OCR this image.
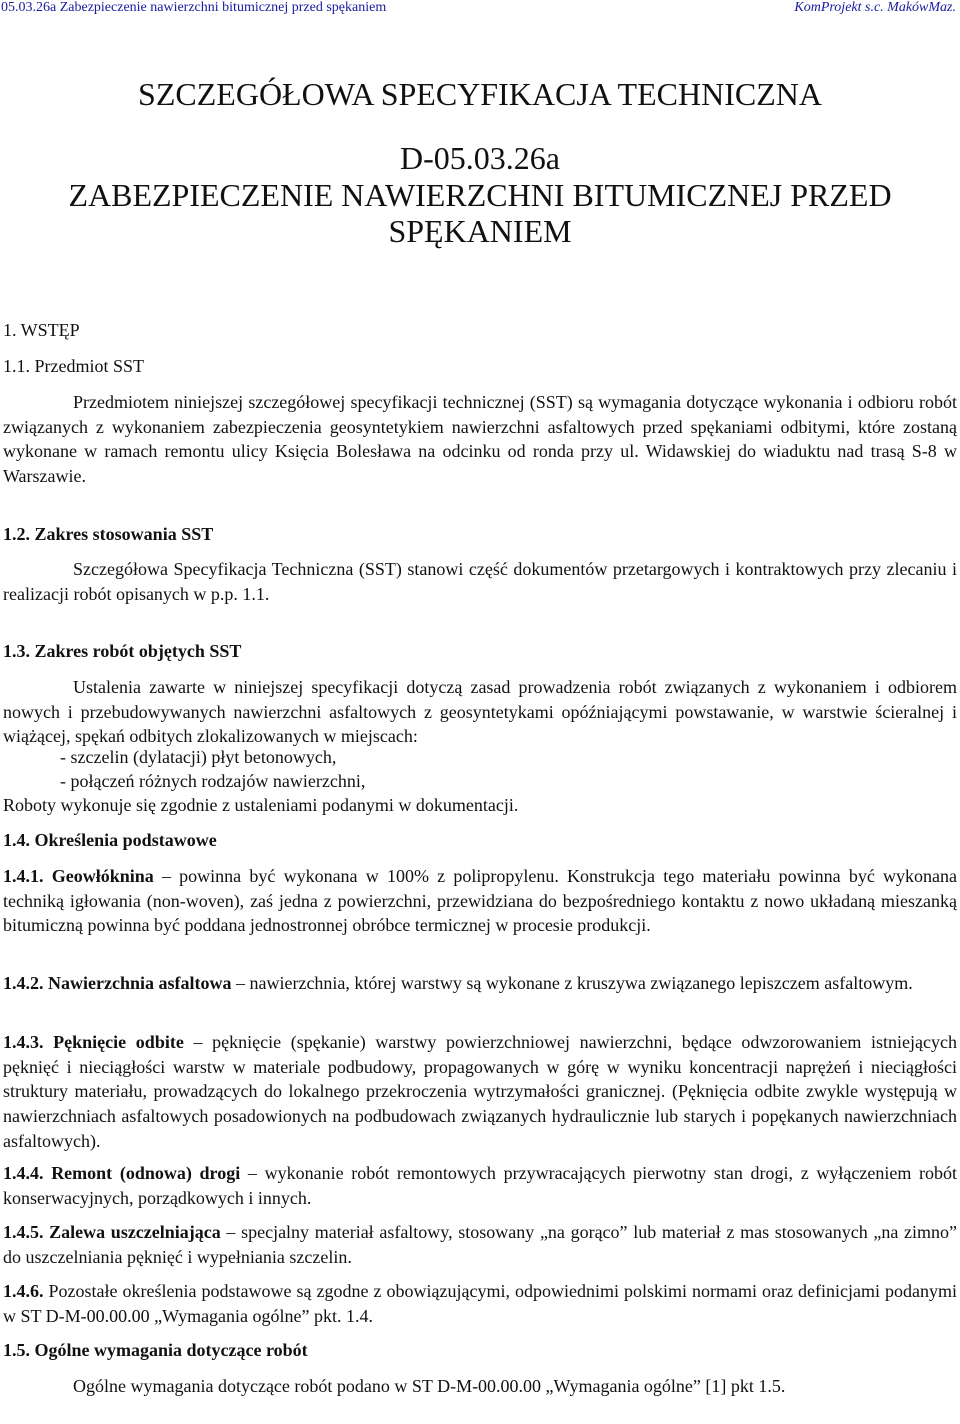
05.03.26a Zabezpieczenie nawierzchni bitumicznej przed spękaniem	KomProjekt s.c. MakówMaz.
SZCZEGÓŁOWA SPECYFIKACJA TECHNICZNA
D-05.03.26a
ZABEZPIECZENIE NAWIERZCHNI BITUMICZNEJ PRZED
SPĘKANIEM
1. WSTĘP
1.1. Przedmiot SST
Przedmiotem niniejszej szczegółowej specyfikacji technicznej (SST) są wymagania dotyczące wykonania i odbioru robót związanych z wykonaniem zabezpieczenia geosyntetykiem nawierzchni asfaltowych przed spękaniami odbitymi, które zostaną wykonane w ramach remontu ulicy Księcia Bolesława na odcinku od ronda przy ul. Widawskiej do wiaduktu nad trasą S-8 w Warszawie.
1.2. Zakres stosowania SST
Szczegółowa Specyfikacja Techniczna (SST) stanowi część dokumentów przetargowych i kontraktowych przy zlecaniu i realizacji robót opisanych w p.p. 1.1.
1.3. Zakres robót objętych SST
Ustalenia zawarte w niniejszej specyfikacji dotyczą zasad prowadzenia robót związanych z wykonaniem i odbiorem nowych i przebudowywanych nawierzchni asfaltowych z geosyntetykami opóźniającymi powstawanie, w warstwie ścieralnej i wiążącej, spękań odbitych zlokalizowanych w miejscach:
- szczelin (dylatacji) płyt betonowych,
- połączeń różnych rodzajów nawierzchni,
Roboty wykonuje się zgodnie z ustaleniami podanymi w dokumentacji.
1.4. Określenia podstawowe
1.4.1. Geowłóknina – powinna być wykonana w 100% z polipropylenu. Konstrukcja tego materiału powinna być wykonana techniką igłowania (non-woven), zaś jedna z powierzchni, przewidziana do bezpośredniego kontaktu z nowo układaną mieszanką bitumiczną powinna być poddana jednostronnej obróbce termicznej w procesie produkcji.
1.4.2. Nawierzchnia asfaltowa – nawierzchnia, której warstwy są wykonane z kruszywa związanego lepiszczem asfaltowym.
1.4.3. Pęknięcie odbite – pęknięcie (spękanie) warstwy powierzchniowej nawierzchni, będące odwzorowaniem istniejących pęknięć i nieciągłości warstw w materiale podbudowy, propagowanych w górę w wyniku koncentracji naprężeń i nieciągłości struktury materiału, prowadzących do lokalnego przekroczenia wytrzymałości granicznej. (Pęknięcia odbite zwykle występują w nawierzchniach asfaltowych posadowionych na podbudowach związanych hydraulicznie lub starych i popękanych nawierzchniach asfaltowych).
1.4.4. Remont (odnowa) drogi – wykonanie robót remontowych przywracających pierwotny stan drogi, z wyłączeniem robót konserwacyjnych, porządkowych i innych.
1.4.5. Zalewa uszczelniająca – specjalny materiał asfaltowy, stosowany „na gorąco” lub materiał z mas stosowanych „na zimno” do uszczelniania pęknięć i wypełniania szczelin.
1.4.6. Pozostałe określenia podstawowe są zgodne z obowiązującymi, odpowiednimi polskimi normami oraz definicjami podanymi w ST D-M-00.00.00 „Wymagania ogólne” pkt. 1.4.
1.5. Ogólne wymagania dotyczące robót
Ogólne wymagania dotyczące robót podano w ST D-M-00.00.00 „Wymagania ogólne” [1] pkt 1.5.
